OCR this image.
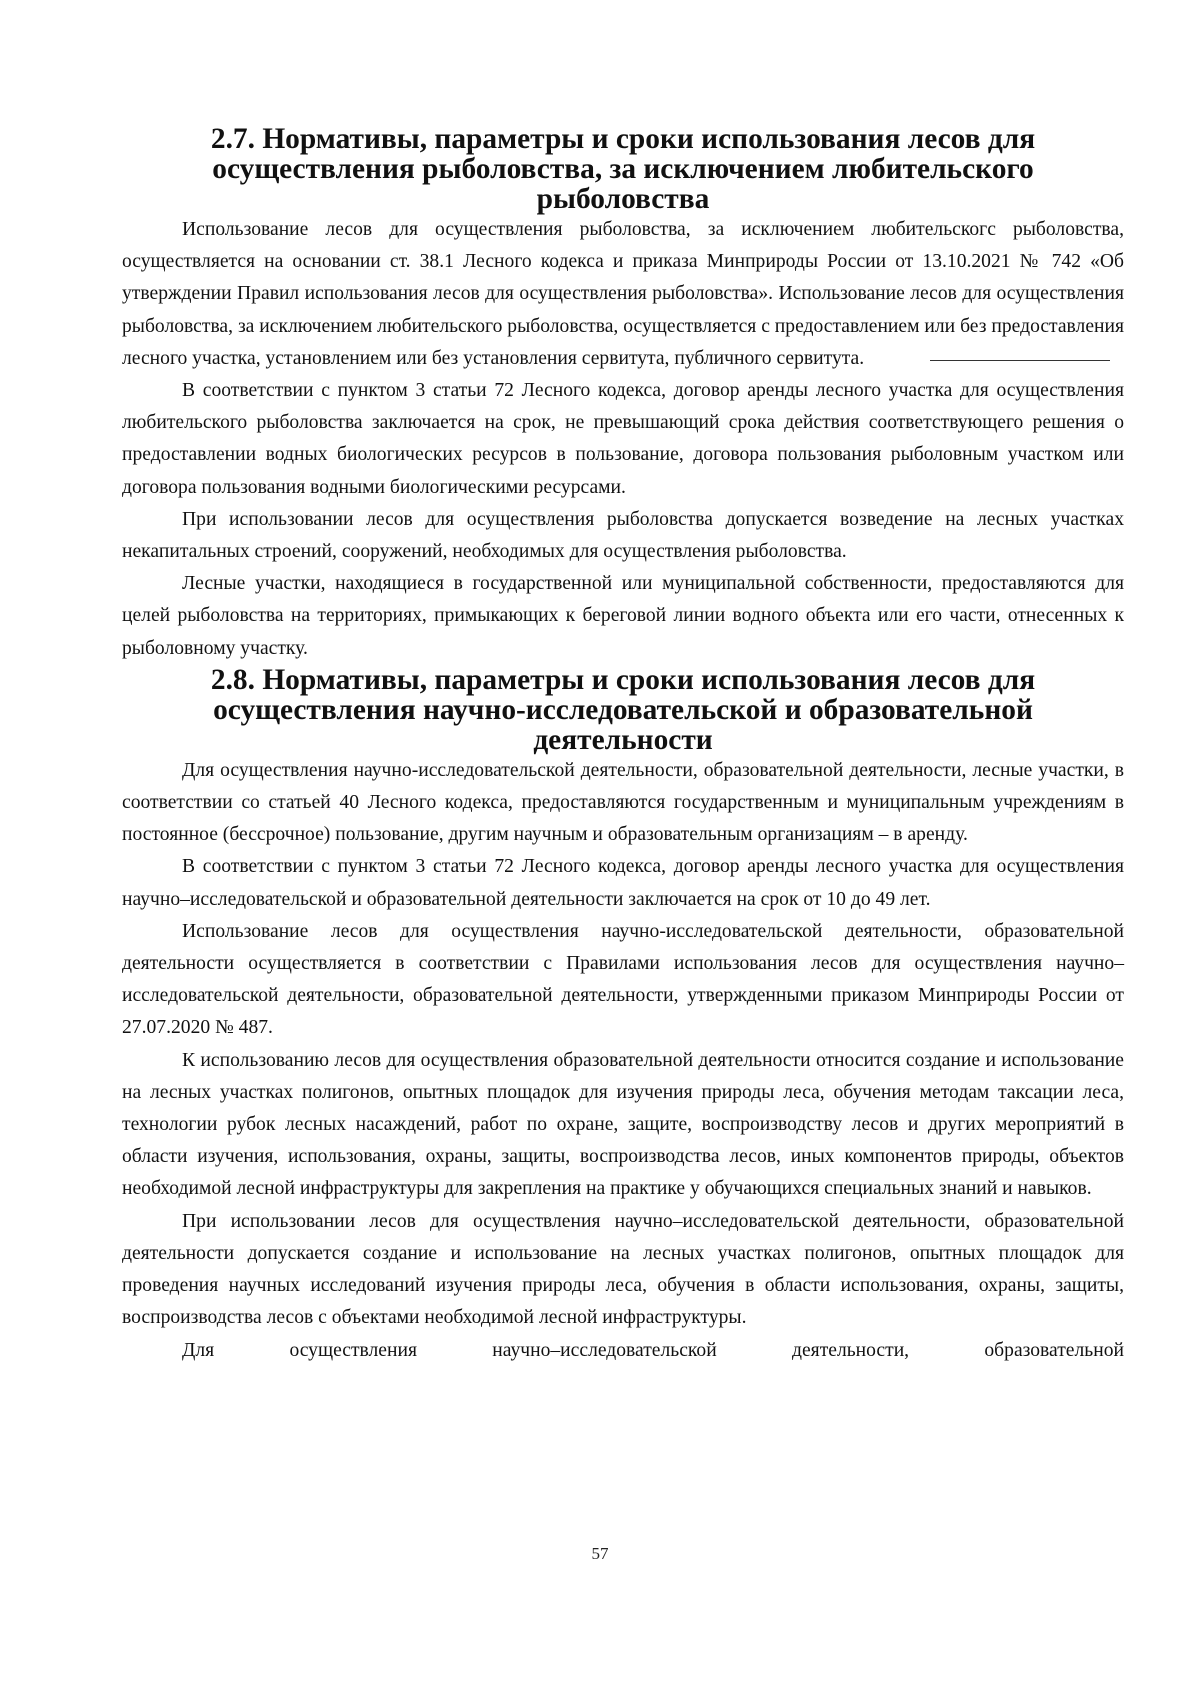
2.7. Нормативы, параметры и сроки использования лесов для осуществления рыболовства, за исключением любительского рыболовства

Использование лесов для осуществления рыболовства, за исключением любительскогс рыболовства, осуществляется на основании ст. 38.1 Лесного кодекса и приказа Минприроды России от 13.10.2021 № 742 «Об утверждении Правил использования лесов для осуществления рыболовства». Использование лесов для осуществления рыболовства, за исключением любительского рыболовства, осуществляется с предоставлением или без предоставления лесного участка, установлением или без установления сервитута, публичного сервитута.

В соответствии с пунктом 3 статьи 72 Лесного кодекса, договор аренды лесного участка для осуществления любительского рыболовства заключается на срок, не превышающий срока действия соответствующего решения о предоставлении водных биологических ресурсов в пользование, договора пользования рыболовным участком или договора пользования водными биологическими ресурсами.

При использовании лесов для осуществления рыболовства допускается возведение на лесных участках некапитальных строений, сооружений, необходимых для осуществления рыболовства.

Лесные участки, находящиеся в государственной или муниципальной собственности, предоставляются для целей рыболовства на территориях, примыкающих к береговой линии водного объекта или его части, отнесенных к рыболовному участку.

2.8. Нормативы, параметры и сроки использования лесов для осуществления научно-исследовательской и образовательной деятельности

Для осуществления научно-исследовательской деятельности, образовательной деятельности, лесные участки, в соответствии со статьей 40 Лесного кодекса, предоставляются государственным и муниципальным учреждениям в постоянное (бессрочное) пользование, другим научным и образовательным организациям – в аренду.

В соответствии с пунктом 3 статьи 72 Лесного кодекса, договор аренды лесного участка для осуществления научно–исследовательской и образовательной деятельности заключается на срок от 10 до 49 лет.

Использование лесов для осуществления научно-исследовательской деятельности, образовательной деятельности осуществляется в соответствии с Правилами использования лесов для осуществления научно–исследовательской деятельности, образовательной деятельности, утвержденными приказом Минприроды России от 27.07.2020 № 487.

К использованию лесов для осуществления образовательной деятельности относится создание и использование на лесных участках полигонов, опытных площадок для изучения природы леса, обучения методам таксации леса, технологии рубок лесных насаждений, работ по охране, защите, воспроизводству лесов и других мероприятий в области изучения, использования, охраны, защиты, воспроизводства лесов, иных компонентов природы, объектов необходимой лесной инфраструктуры для закрепления на практике у обучающихся специальных знаний и навыков.

При использовании лесов для осуществления научно–исследовательской деятельности, образовательной деятельности допускается создание и использование на лесных участках полигонов, опытных площадок для проведения научных исследований изучения природы леса, обучения в области использования, охраны, защиты, воспроизводства лесов с объектами необходимой лесной инфраструктуры.

Для осуществления научно–исследовательской деятельности, образовательной

57
